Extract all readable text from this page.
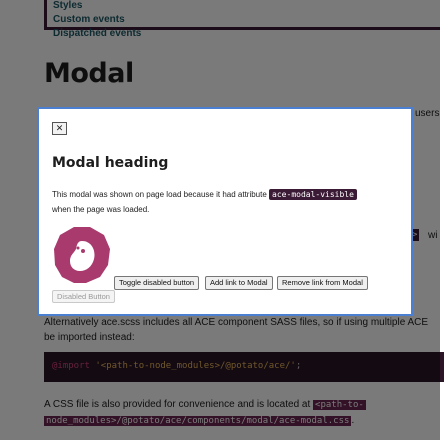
✕
Modal heading

This modal was shown on page load because it had attribute ace-modal-visible
when the page was loaded.

Toggle disabled button	Add link to Modal	Remove link from Modal
Disabled Button
